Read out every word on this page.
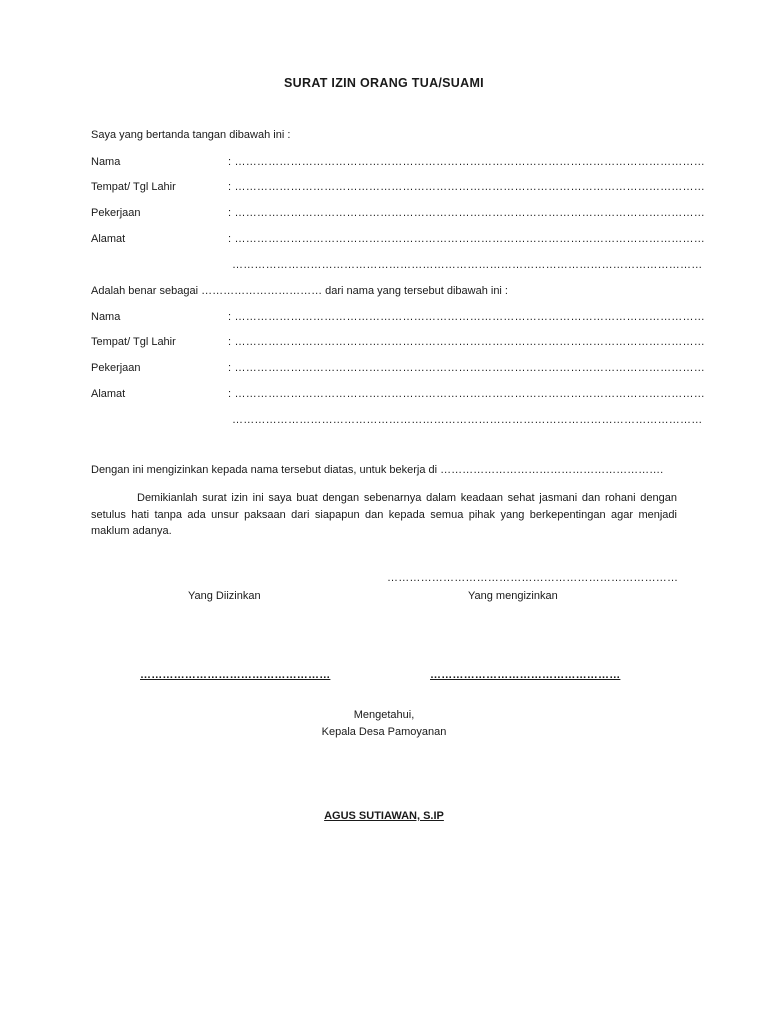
SURAT IZIN ORANG TUA/SUAMI
Saya yang bertanda tangan dibawah ini :
Nama	: ………………………………………………………………………………………………………………
Tempat/ Tgl Lahir	: ………………………………………………………………………………………………………………
Pekerjaan	: ………………………………………………………………………………………………………………
Alamat	: ………………………………………………………………………………………………………………
………………………………………………………………………………………………………………
Adalah benar sebagai …………………………… dari nama yang tersebut dibawah ini :
Nama	: ………………………………………………………………………………………………………………
Tempat/ Tgl Lahir	: ………………………………………………………………………………………………………………
Pekerjaan	: ………………………………………………………………………………………………………………
Alamat	: ………………………………………………………………………………………………………………
………………………………………………………………………………………………………………
Dengan ini mengizinkan kepada nama tersebut diatas, untuk bekerja di …………………………………………………….
Demikianlah surat izin ini saya buat dengan sebenarnya dalam keadaan sehat jasmani dan rohani dengan setulus hati tanpa ada unsur paksaan dari siapapun dan kepada semua pihak yang berkepentingan agar menjadi maklum adanya.
……………………………………………………………………
Yang Diizinkan	Yang mengizinkan
……………………………………………	……………………………………………
Mengetahui,
Kepala Desa Pamoyanan
AGUS SUTIAWAN, S.IP
